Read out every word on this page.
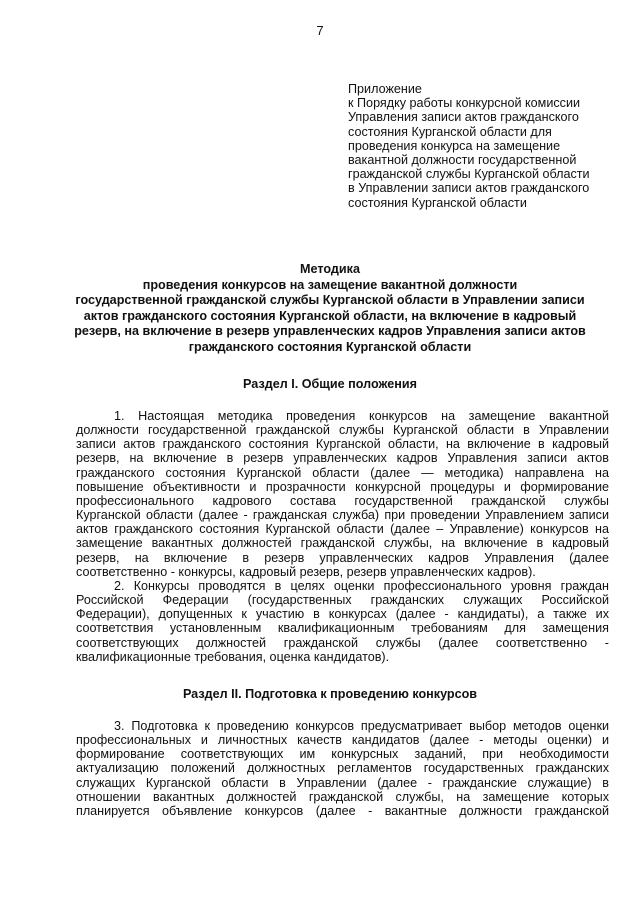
7
Приложение
к Порядку работы конкурсной комиссии
Управления записи актов гражданского
состояния Курганской области для
проведения конкурса на замещение
вакантной должности государственной
гражданской службы Курганской области
в Управлении записи актов гражданского
состояния Курганской области
Методика
проведения конкурсов на замещение вакантной должности
государственной гражданской службы Курганской области в Управлении записи
актов гражданского состояния Курганской области, на включение в кадровый
резерв, на включение в резерв управленческих кадров Управления записи актов
гражданского состояния Курганской области
Раздел I. Общие положения
1. Настоящая методика проведения конкурсов на замещение вакантной
должности государственной гражданской службы Курганской области в Управлении
записи актов гражданского состояния Курганской области, на включение в кадровый
резерв, на включение в резерв управленческих кадров Управления записи актов
гражданского состояния Курганской области (далее — методика) направлена на
повышение объективности и прозрачности конкурсной процедуры и формирование
профессионального кадрового состава государственной гражданской службы
Курганской области (далее - гражданская служба) при проведении Управлением записи
актов гражданского состояния Курганской области (далее – Управление) конкурсов на
замещение вакантных должностей гражданской службы, на включение в кадровый
резерв, на включение в резерв управленческих кадров Управления (далее
соответственно - конкурсы, кадровый резерв, резерв управленческих кадров).
2. Конкурсы проводятся в целях оценки профессионального уровня граждан
Российской Федерации (государственных гражданских служащих Российской
Федерации), допущенных к участию в конкурсах (далее - кандидаты), а также их
соответствия установленным квалификационным требованиям для замещения
соответствующих должностей гражданской службы (далее соответственно -
квалификационные требования, оценка кандидатов).
Раздел II. Подготовка к проведению конкурсов
3. Подготовка к проведению конкурсов предусматривает выбор методов оценки
профессиональных и личностных качеств кандидатов (далее - методы оценки) и
формирование соответствующих им конкурсных заданий, при необходимости
актуализацию положений должностных регламентов государственных гражданских
служащих Курганской области в Управлении (далее - гражданские служащие) в
отношении вакантных должностей гражданской службы, на замещение которых
планируется объявление конкурсов (далее - вакантные должности гражданской
